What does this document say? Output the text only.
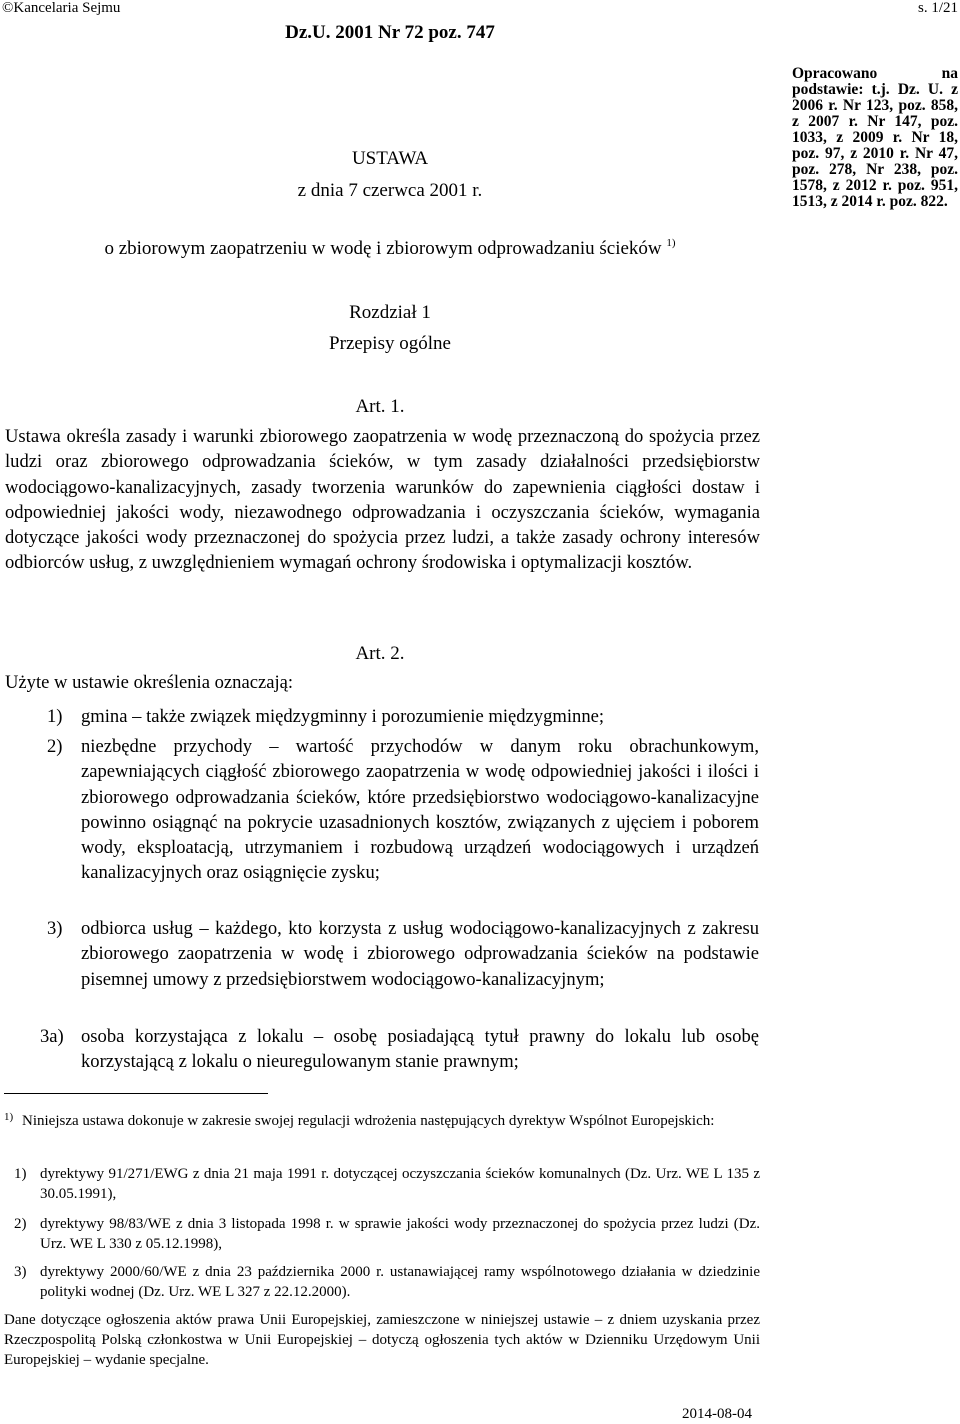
©Kancelaria Sejmu	s. 1/21
Dz.U. 2001 Nr 72 poz. 747
USTAWA
z dnia 7 czerwca 2001 r.
o zbiorowym zaopatrzeniu w wodę i zbiorowym odprowadzaniu ścieków $^{1)}$
Rozdział 1
Przepisy ogólne
Opracowano na podstawie: t.j. Dz. U. z 2006 r. Nr 123, poz. 858, z 2007 r. Nr 147, poz. 1033, z 2009 r. Nr 18, poz. 97, z 2010 r. Nr 47, poz. 278, Nr 238, poz. 1578, z 2012 r. poz. 951, 1513, z 2014 r. poz. 822.
Art. 1.

Ustawa określa zasady i warunki zbiorowego zaopatrzenia w wodę przeznaczoną do spożycia przez ludzi oraz zbiorowego odprowadzania ścieków, w tym zasady działalności przedsiębiorstw wodociągowo-kanalizacyjnych, zasady tworzenia warunków do zapewnienia ciągłości dostaw i odpowiedniej jakości wody, niezawodnego odprowadzania i oczyszczania ścieków, wymagania dotyczące jakości wody przeznaczonej do spożycia przez ludzi, a także zasady ochrony interesów odbiorców usług, z uwzględnieniem wymagań ochrony środowiska i optymalizacji kosztów.

Art. 2.

Użyte w ustawie określenia oznaczają:

1) gmina – także związek międzygminny i porozumienie międzygminne;
2) niezbędne przychody – wartość przychodów w danym roku obrachunkowym, zapewniających ciągłość zbiorowego zaopatrzenia w wodę odpowiedniej jakości i ilości i zbiorowego odprowadzania ścieków, które przedsiębiorstwo wodociągowo-kanalizacyjne powinno osiągnąć na pokrycie uzasadnionych kosztów, związanych z ujęciem i poborem wody, eksploatacją, utrzymaniem i rozbudową urządzeń wodociągowych i urządzeń kanalizacyjnych oraz osiągnięcie zysku;
3) odbiorca usług – każdego, kto korzysta z usług wodociągowo-kanalizacyjnych z zakresu zbiorowego zaopatrzenia w wodę i zbiorowego odprowadzania ścieków na podstawie pisemnej umowy z przedsiębiorstwem wodociągowo-kanalizacyjnym;
3a) osoba korzystająca z lokalu – osobę posiadającą tytuł prawny do lokalu lub osobę korzystającą z lokalu o nieuregulowanym stanie prawnym;
1) Niniejsza ustawa dokonuje w zakresie swojej regulacji wdrożenia następujących dyrektyw Wspólnot Europejskich:
1) dyrektywy 91/271/EWG z dnia 21 maja 1991 r. dotyczącej oczyszczania ścieków komunalnych (Dz. Urz. WE L 135 z 30.05.1991),
2) dyrektywy 98/83/WE z dnia 3 listopada 1998 r. w sprawie jakości wody przeznaczonej do spożycia przez ludzi (Dz. Urz. WE L 330 z 05.12.1998),
3) dyrektywy 2000/60/WE z dnia 23 października 2000 r. ustanawiającej ramy wspólnotowego działania w dziedzinie polityki wodnej (Dz. Urz. WE L 327 z 22.12.2000).

Dane dotyczące ogłoszenia aktów prawa Unii Europejskiej, zamieszczone w niniejszej ustawie – z dniem uzyskania przez Rzeczpospolitą Polską członkostwa w Unii Europejskiej – dotyczą ogłoszenia tych aktów w Dzienniku Urzędowym Unii Europejskiej – wydanie specjalne.

2014-08-04
